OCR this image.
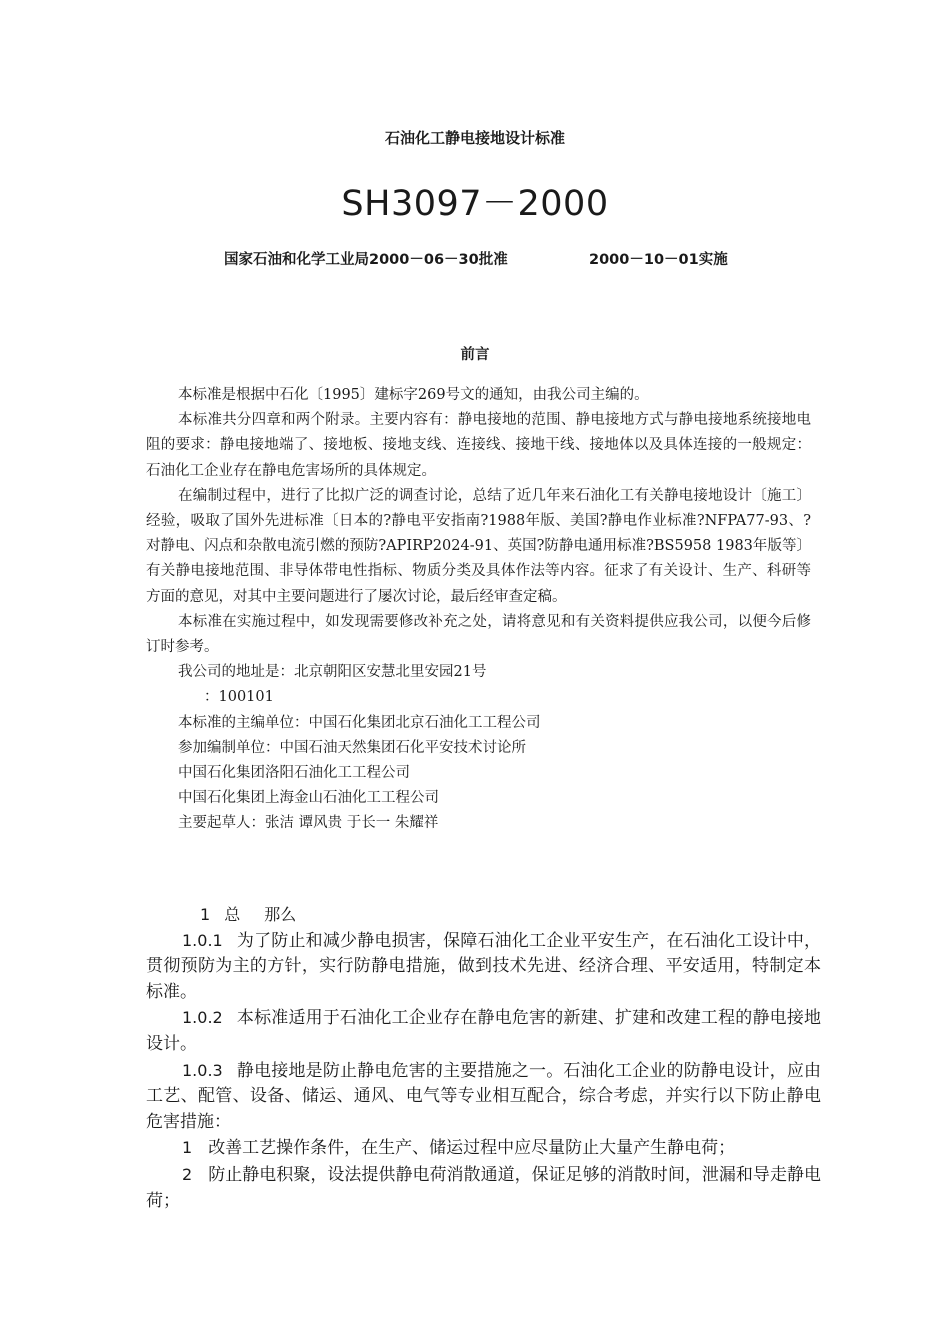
石油化工静电接地设计标准
SH3097－2000
国家石油和化学工业局2000－06－30批准	2000－10－01实施
前言

本标准是根据中石化〔1995〕建标字269号文的通知，由我公司主编的。

本标准共分四章和两个附录。主要内容有：静电接地的范围、静电接地方式与静电接地系统接地电阻的要求：静电接地端了、接地板、接地支线、连接线、接地干线、接地体以及具体连接的一般规定：石油化工企业存在静电危害场所的具体规定。

在编制过程中，进行了比拟广泛的调查讨论，总结了近几年来石油化工有关静电接地设计〔施工〕经验，吸取了国外先进标准〔日本的?静电平安指南?1988年版、美国?静电作业标准?NFPA77-93、?对静电、闪点和杂散电流引燃的预防?APIRP2024-91、英国?防静电通用标准?BS5958 1983年版等〕有关静电接地范围、非导体带电性指标、物质分类及具体作法等内容。征求了有关设计、生产、科研等方面的意见，对其中主要问题进行了屡次讨论，最后经审查定稿。

本标准在实施过程中，如发现需要修改补充之处，请将意见和有关资料提供应我公司，以便今后修订时参考。

我公司的地址是：北京朝阳区安慧北里安园21号
：100101
本标准的主编单位：中国石化集团北京石油化工工程公司
参加编制单位：中国石油天然集团石化平安技术讨论所
中国石化集团洛阳石油化工工程公司
中国石化集团上海金山石油化工工程公司
主要起草人：张洁 谭风贵 于长一 朱耀祥
1 总 那么

1.0.1 为了防止和减少静电损害，保障石油化工企业平安生产，在石油化工设计中，贯彻预防为主的方针，实行防静电措施，做到技术先进、经济合理、平安适用，特制定本标准。

1.0.2 本标准适用于石油化工企业存在静电危害的新建、扩建和改建工程的静电接地设计。

1.0.3 静电接地是防止静电危害的主要措施之一。石油化工企业的防静电设计，应由工艺、配管、设备、储运、通风、电气等专业相互配合，综合考虑，并实行以下防止静电危害措施：

1 改善工艺操作条件，在生产、储运过程中应尽量防止大量产生静电荷；

2 防止静电积聚，设法提供静电荷消散通道，保证足够的消散时间，泄漏和导走静电荷；
